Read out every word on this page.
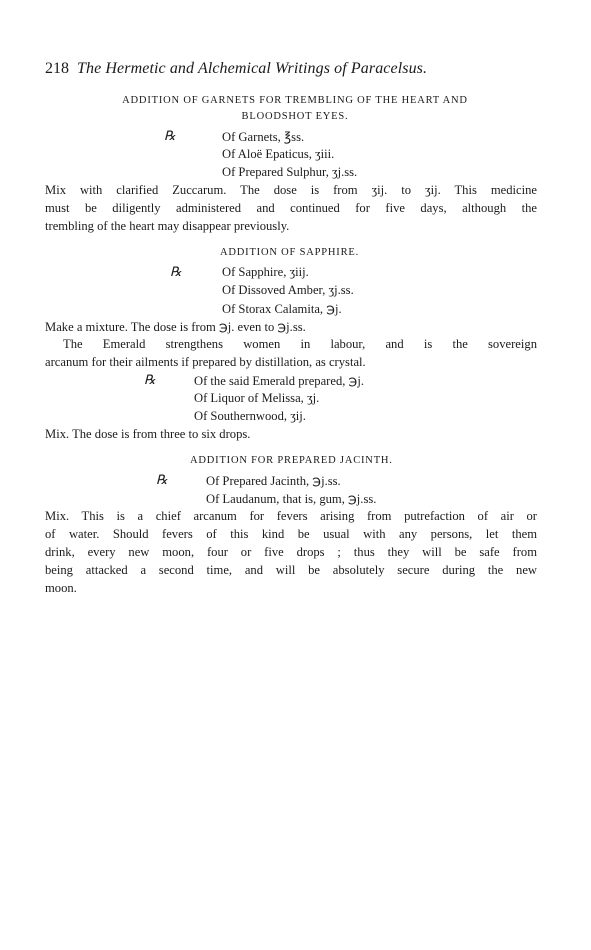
218 The Hermetic and Alchemical Writings of Paracelsus.
ADDITION OF GARNETS FOR TREMBLING OF THE HEART AND
BLOODSHOT EYES.
℞	Of Garnets, ℥ss.
Of Aloë Epaticus, ʒiii.
Of Prepared Sulphur, ʒj.ss.
Mix with clarified Zuccarum. The dose is from ʒij. to ʒij. This medicine
must be diligently administered and continued for five days, although the
trembling of the heart may disappear previously.
ADDITION OF SAPPHIRE.
℞	Of Sapphire, ʒiij.
Of Dissoved Amber, ʒj.ss.
Of Storax Calamita, ℈j.
Make a mixture. The dose is from ℈j. even to ℈j.ss.
The Emerald strengthens women in labour, and is the sovereign
arcanum for their ailments if prepared by distillation, as crystal.
℞	Of the said Emerald prepared, ℈j.
Of Liquor of Melissa, ʒj.
Of Southernwood, ʒij.
Mix. The dose is from three to six drops.
ADDITION FOR PREPARED JACINTH.
℞	Of Prepared Jacinth, ℈j.ss.
Of Laudanum, that is, gum, ℈j.ss.
Mix. This is a chief arcanum for fevers arising from putrefaction of air or
of water. Should fevers of this kind be usual with any persons, let them
drink, every new moon, four or five drops ; thus they will be safe from
being attacked a second time, and will be absolutely secure during the new
moon.
